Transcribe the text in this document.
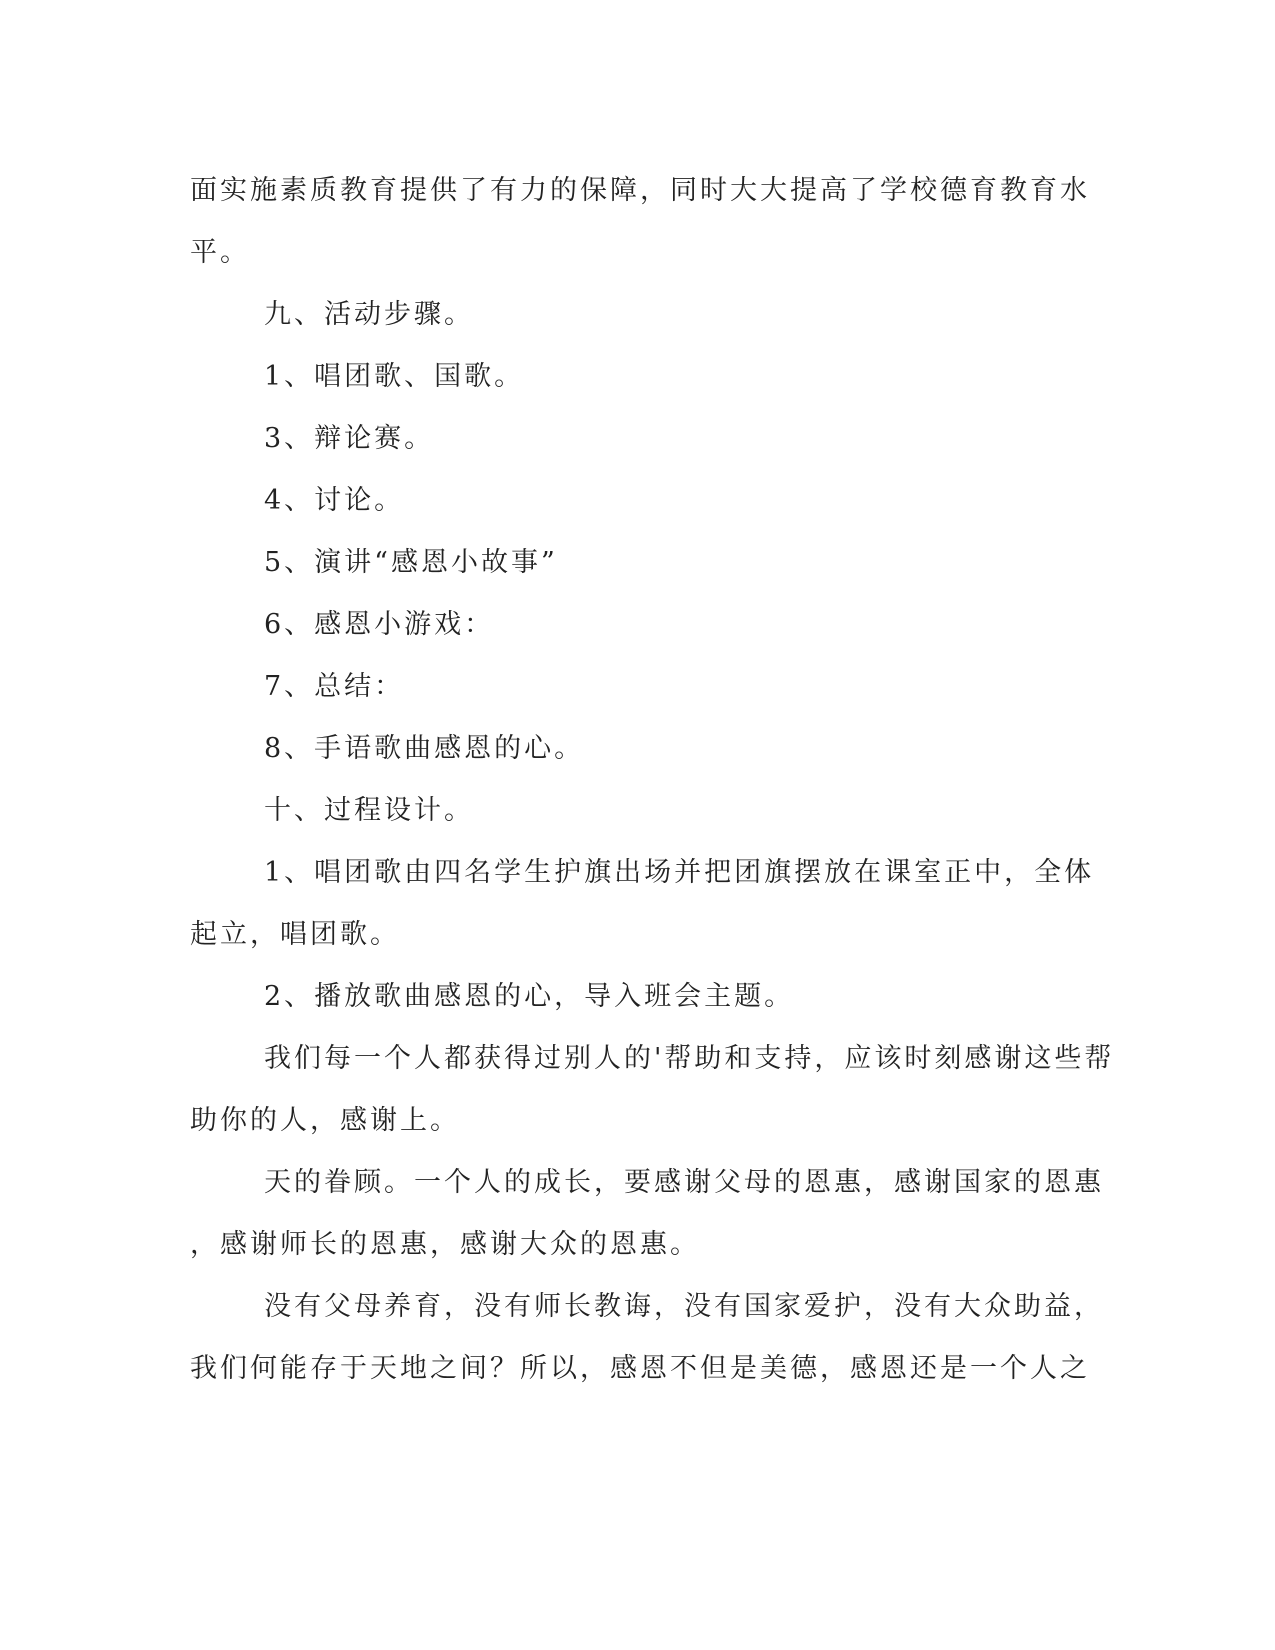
面实施素质教育提供了有力的保障，同时大大提高了学校德育教育水
平。
九、活动步骤。
1、唱团歌、国歌。
3、辩论赛。
4、讨论。
5、演讲“感恩小故事”
6、感恩小游戏：
7、总结：
8、手语歌曲感恩的心。
十、过程设计。
1、唱团歌由四名学生护旗出场并把团旗摆放在课室正中，全体
起立，唱团歌。
2、播放歌曲感恩的心，导入班会主题。
我们每一个人都获得过别人的'帮助和支持，应该时刻感谢这些帮
助你的人，感谢上。
天的眷顾。一个人的成长，要感谢父母的恩惠，感谢国家的恩惠
，感谢师长的恩惠，感谢大众的恩惠。
没有父母养育，没有师长教诲，没有国家爱护，没有大众助益，
我们何能存于天地之间？所以，感恩不但是美德，感恩还是一个人之
